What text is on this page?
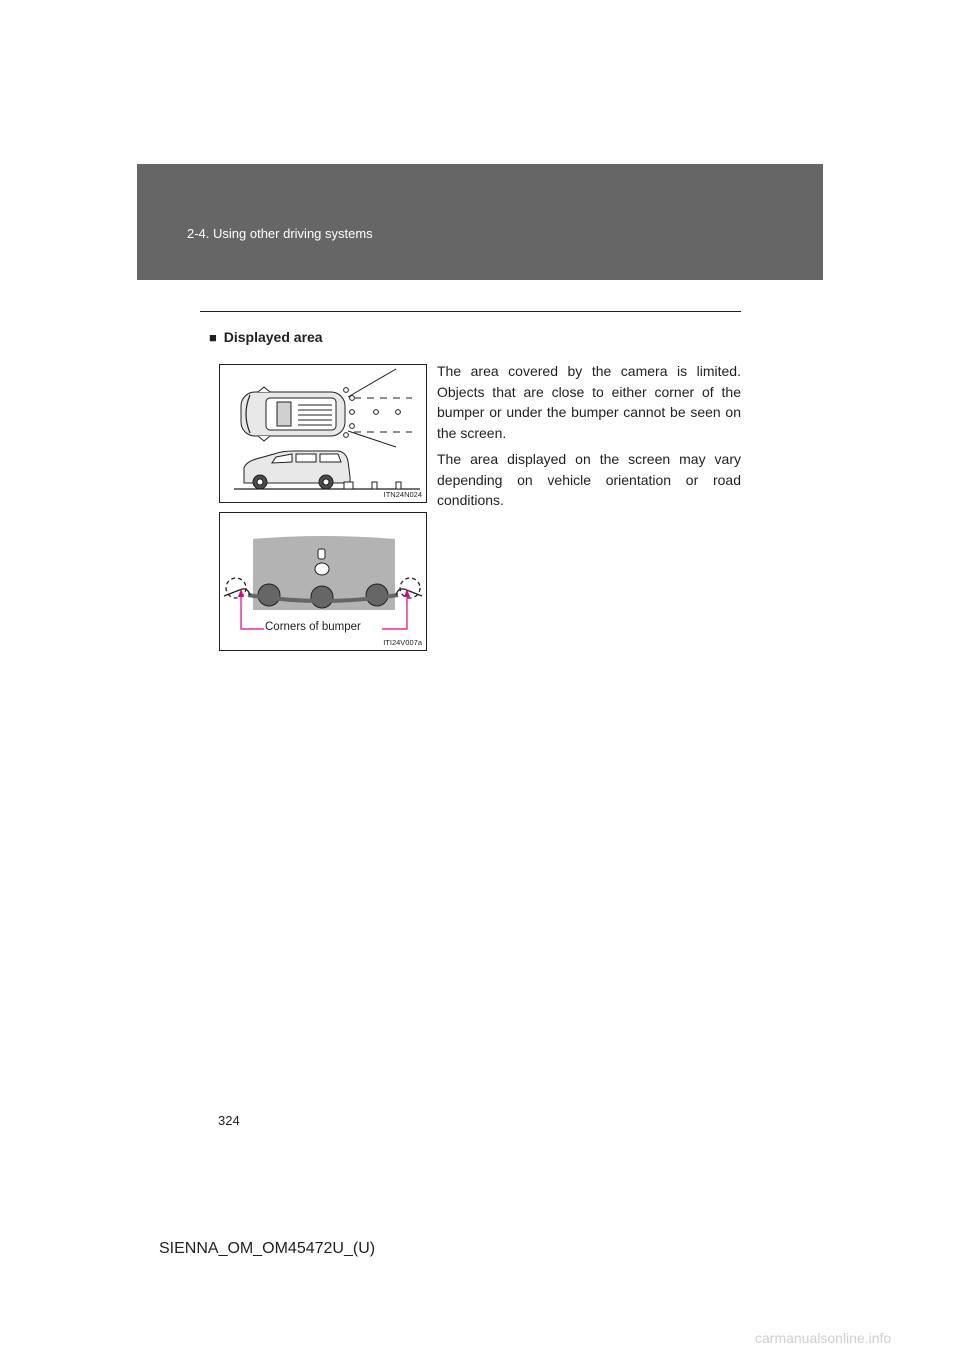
2-4. Using other driving systems
■ Displayed area

The area covered by the camera is limited. Objects that are close to either corner of the bumper or under the bumper cannot be seen on the screen.

The area displayed on the screen may vary depending on vehicle orientation or road conditions.

ITN24N024
ITI24V007a
Corners of bumper
324
SIENNA_OM_OM45472U_(U)
carmanualsonline.info
